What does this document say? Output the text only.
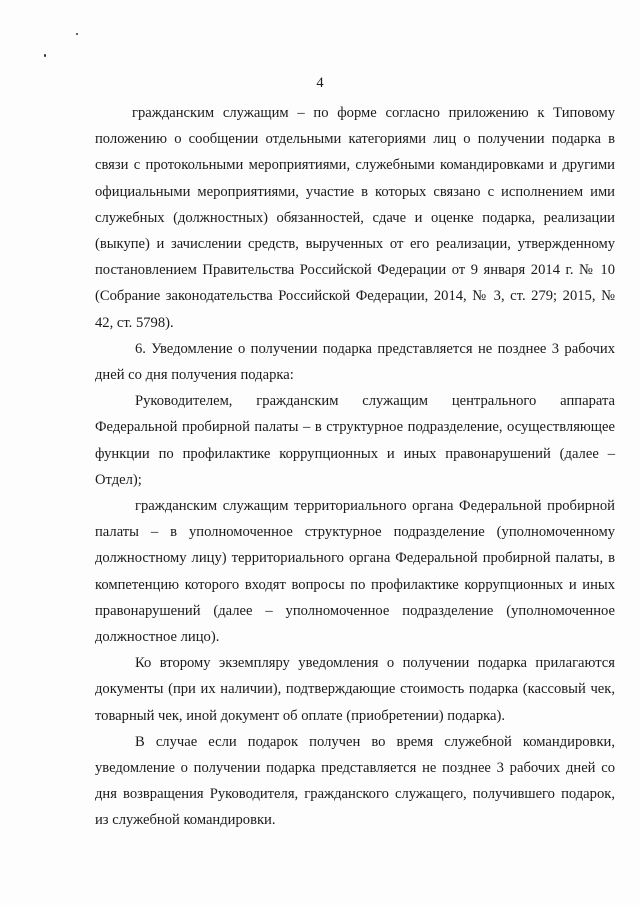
4

гражданским служащим – по форме согласно приложению к Типовому положению о сообщении отдельными категориями лиц о получении подарка в связи с протокольными мероприятиями, служебными командировками и другими официальными мероприятиями, участие в которых связано с исполнением ими служебных (должностных) обязанностей, сдаче и оценке подарка, реализации (выкупе) и зачислении средств, вырученных от его реализации, утвержденному постановлением Правительства Российской Федерации от 9 января 2014 г. № 10 (Собрание законодательства Российской Федерации, 2014, № 3, ст. 279; 2015, № 42, ст. 5798).

6. Уведомление о получении подарка представляется не позднее 3 рабочих дней со дня получения подарка:

Руководителем, гражданским служащим центрального аппарата Федеральной пробирной палаты – в структурное подразделение, осуществляющее функции по профилактике коррупционных и иных правонарушений (далее – Отдел);

гражданским служащим территориального органа Федеральной пробирной палаты – в уполномоченное структурное подразделение (уполномоченному должностному лицу) территориального органа Федеральной пробирной палаты, в компетенцию которого входят вопросы по профилактике коррупционных и иных правонарушений (далее – уполномоченное подразделение (уполномоченное должностное лицо).

Ко второму экземпляру уведомления о получении подарка прилагаются документы (при их наличии), подтверждающие стоимость подарка (кассовый чек, товарный чек, иной документ об оплате (приобретении) подарка).

В случае если подарок получен во время служебной командировки, уведомление о получении подарка представляется не позднее 3 рабочих дней со дня возвращения Руководителя, гражданского служащего, получившего подарок, из служебной командировки.
